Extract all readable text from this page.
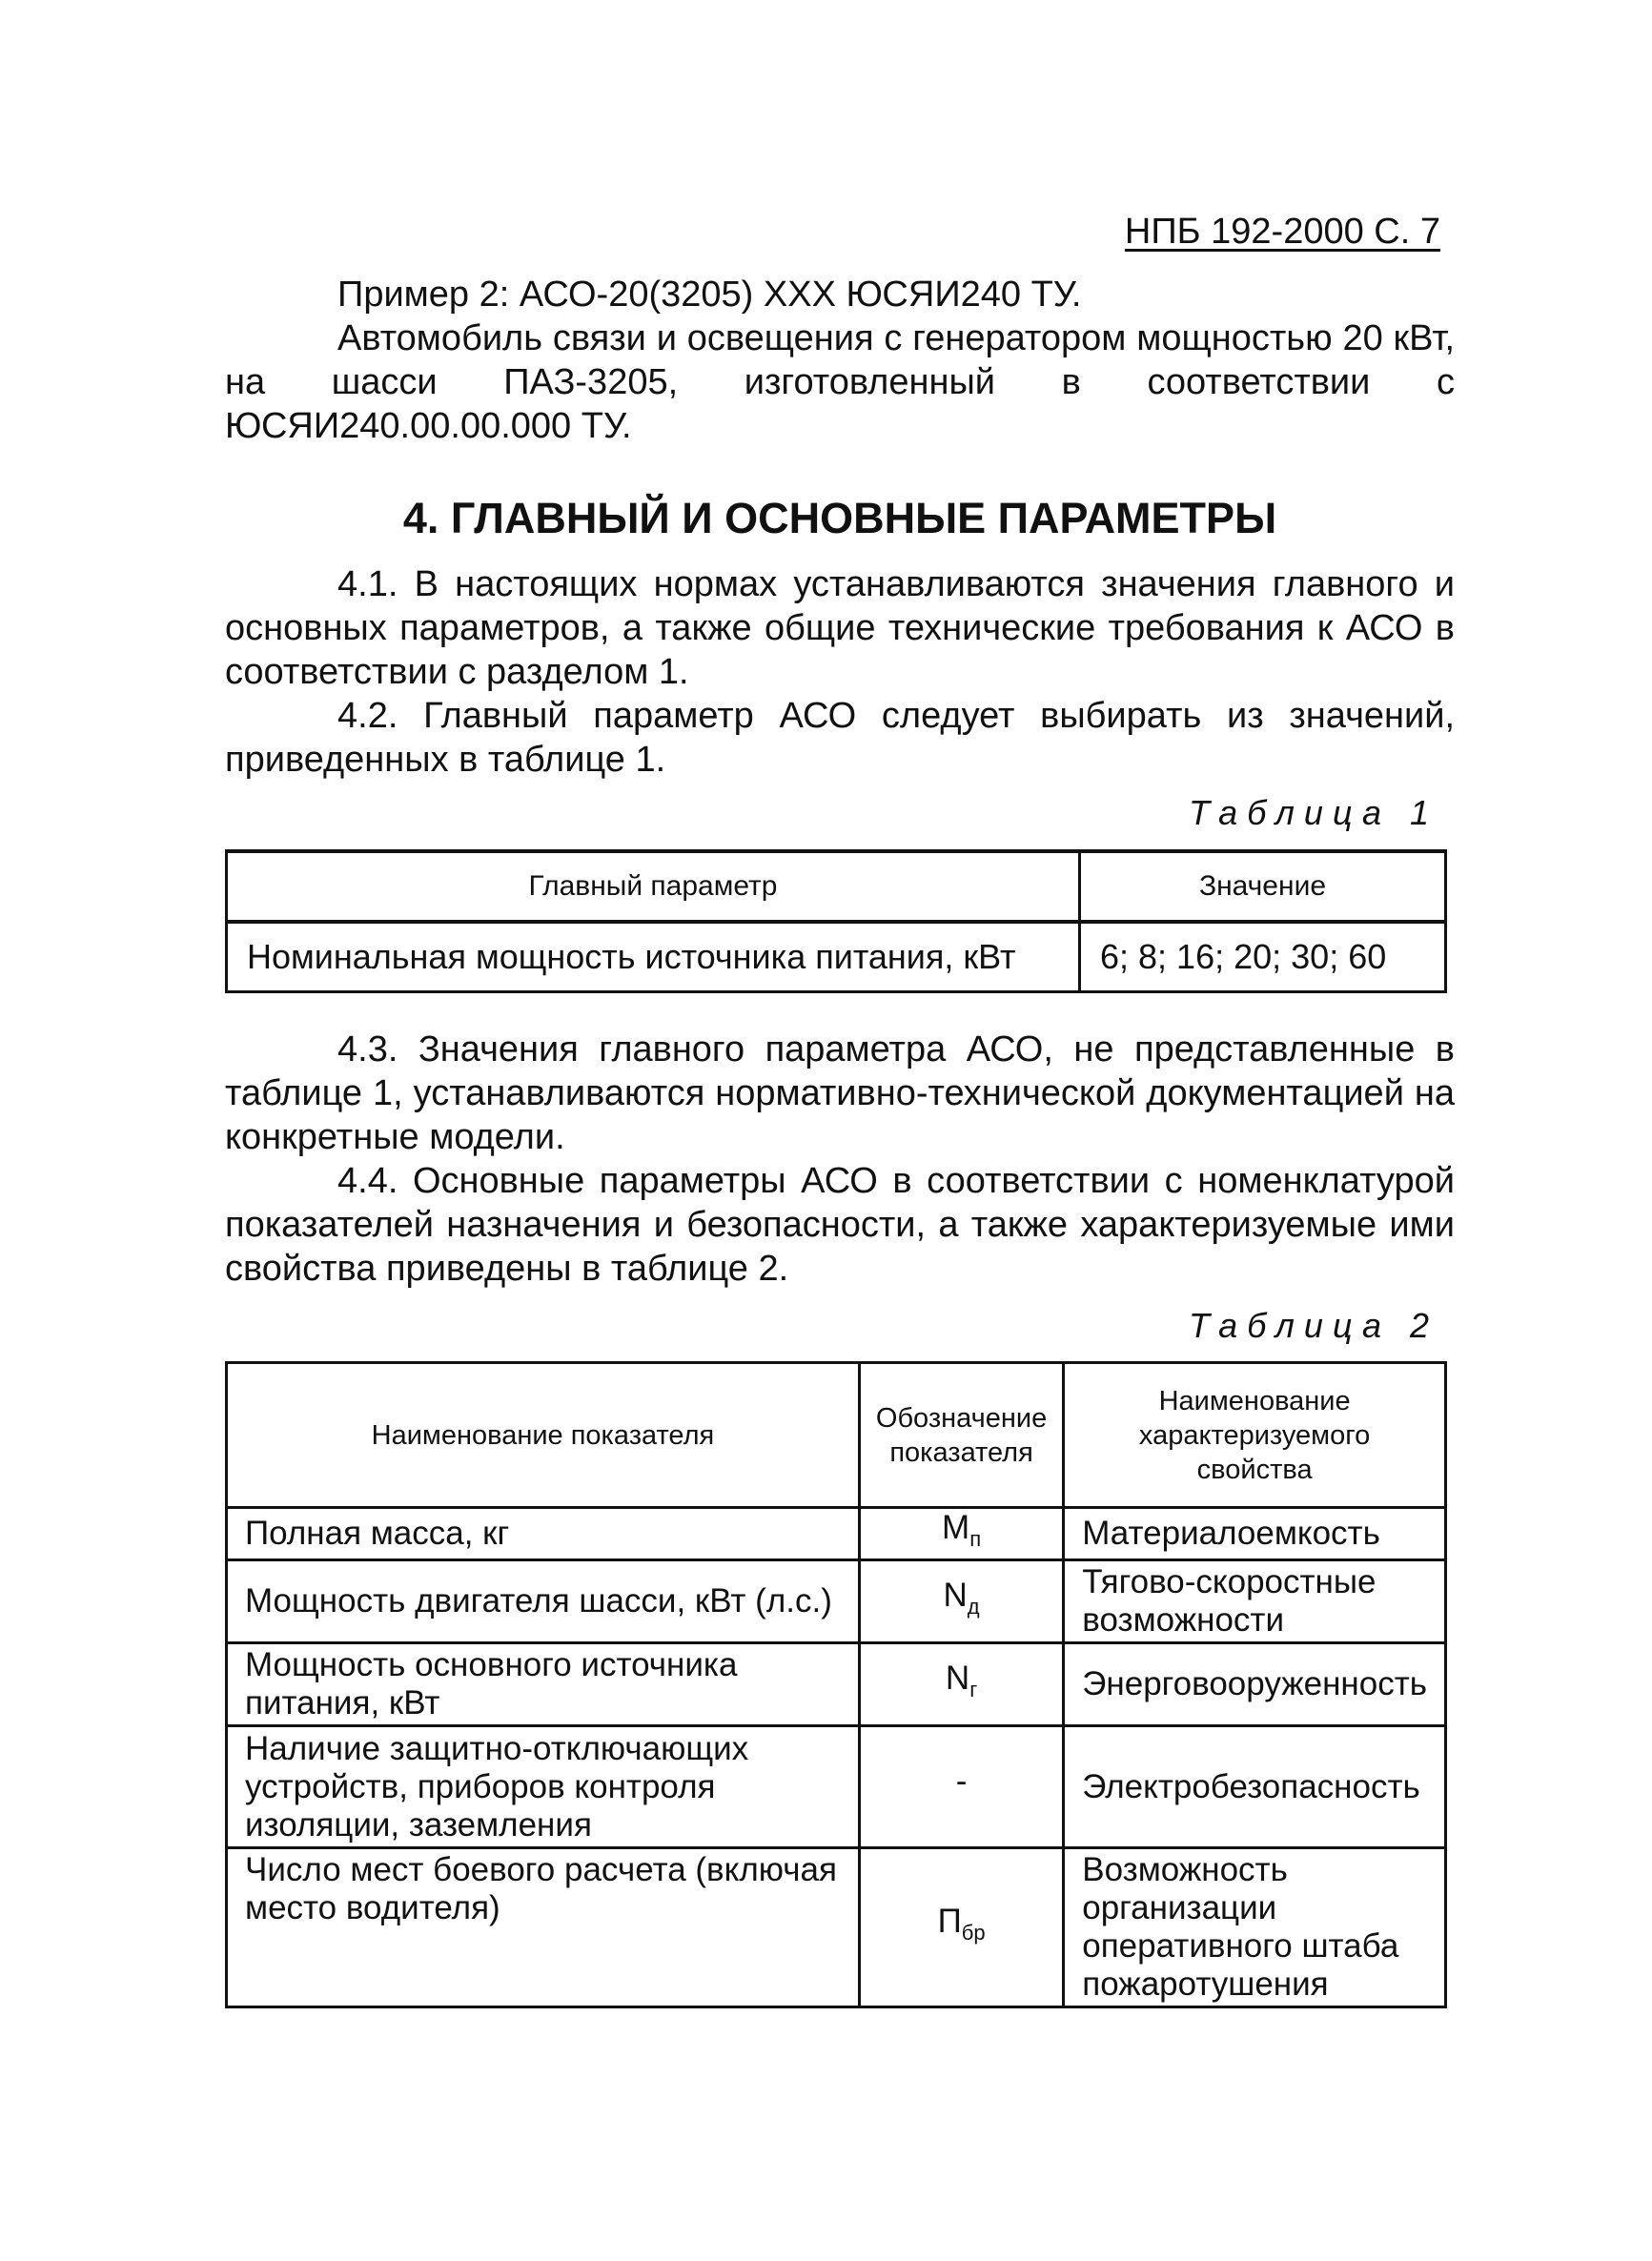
НПБ 192-2000 С. 7
Пример 2: АСО-20(3205) ХХХ ЮСЯИ240 ТУ.
Автомобиль связи и освещения с генератором мощностью 20 кВт, на шасси ПАЗ-3205, изготовленный в соответствии с ЮСЯИ240.00.00.000 ТУ.
4. ГЛАВНЫЙ И ОСНОВНЫЕ ПАРАМЕТРЫ
4.1. В настоящих нормах устанавливаются значения главного и основных параметров, а также общие технические требования к АСО в соответствии с разделом 1.
4.2. Главный параметр АСО следует выбирать из значений, приведенных в таблице 1.
Таблица 1
Главный параметр	Значение
Номинальная мощность источника питания, кВт	6; 8; 16; 20; 30; 60
4.3. Значения главного параметра АСО, не представленные в таблице 1, устанавливаются нормативно-технической документацией на конкретные модели.
4.4. Основные параметры АСО в соответствии с номенклатурой показателей назначения и безопасности, а также характеризуемые ими свойства приведены в таблице 2.
Таблица 2
Наименование показателя	Обозначение показателя	Наименование характеризуемого свойства
Полная масса, кг	$M_п$	Материалоемкость
Мощность двигателя шасси, кВт (л.с.)	$N_д$	Тягово-скоростные возможности
Мощность основного источника питания, кВт	$N_г$	Энерговооруженность
Наличие защитно-отключающих устройств, приборов контроля изоляции, заземления	-	Электробезопасность
Число мест боевого расчета (включая место водителя)	$П_{бр}$	Возможность организации оперативного штаба пожаротушения
